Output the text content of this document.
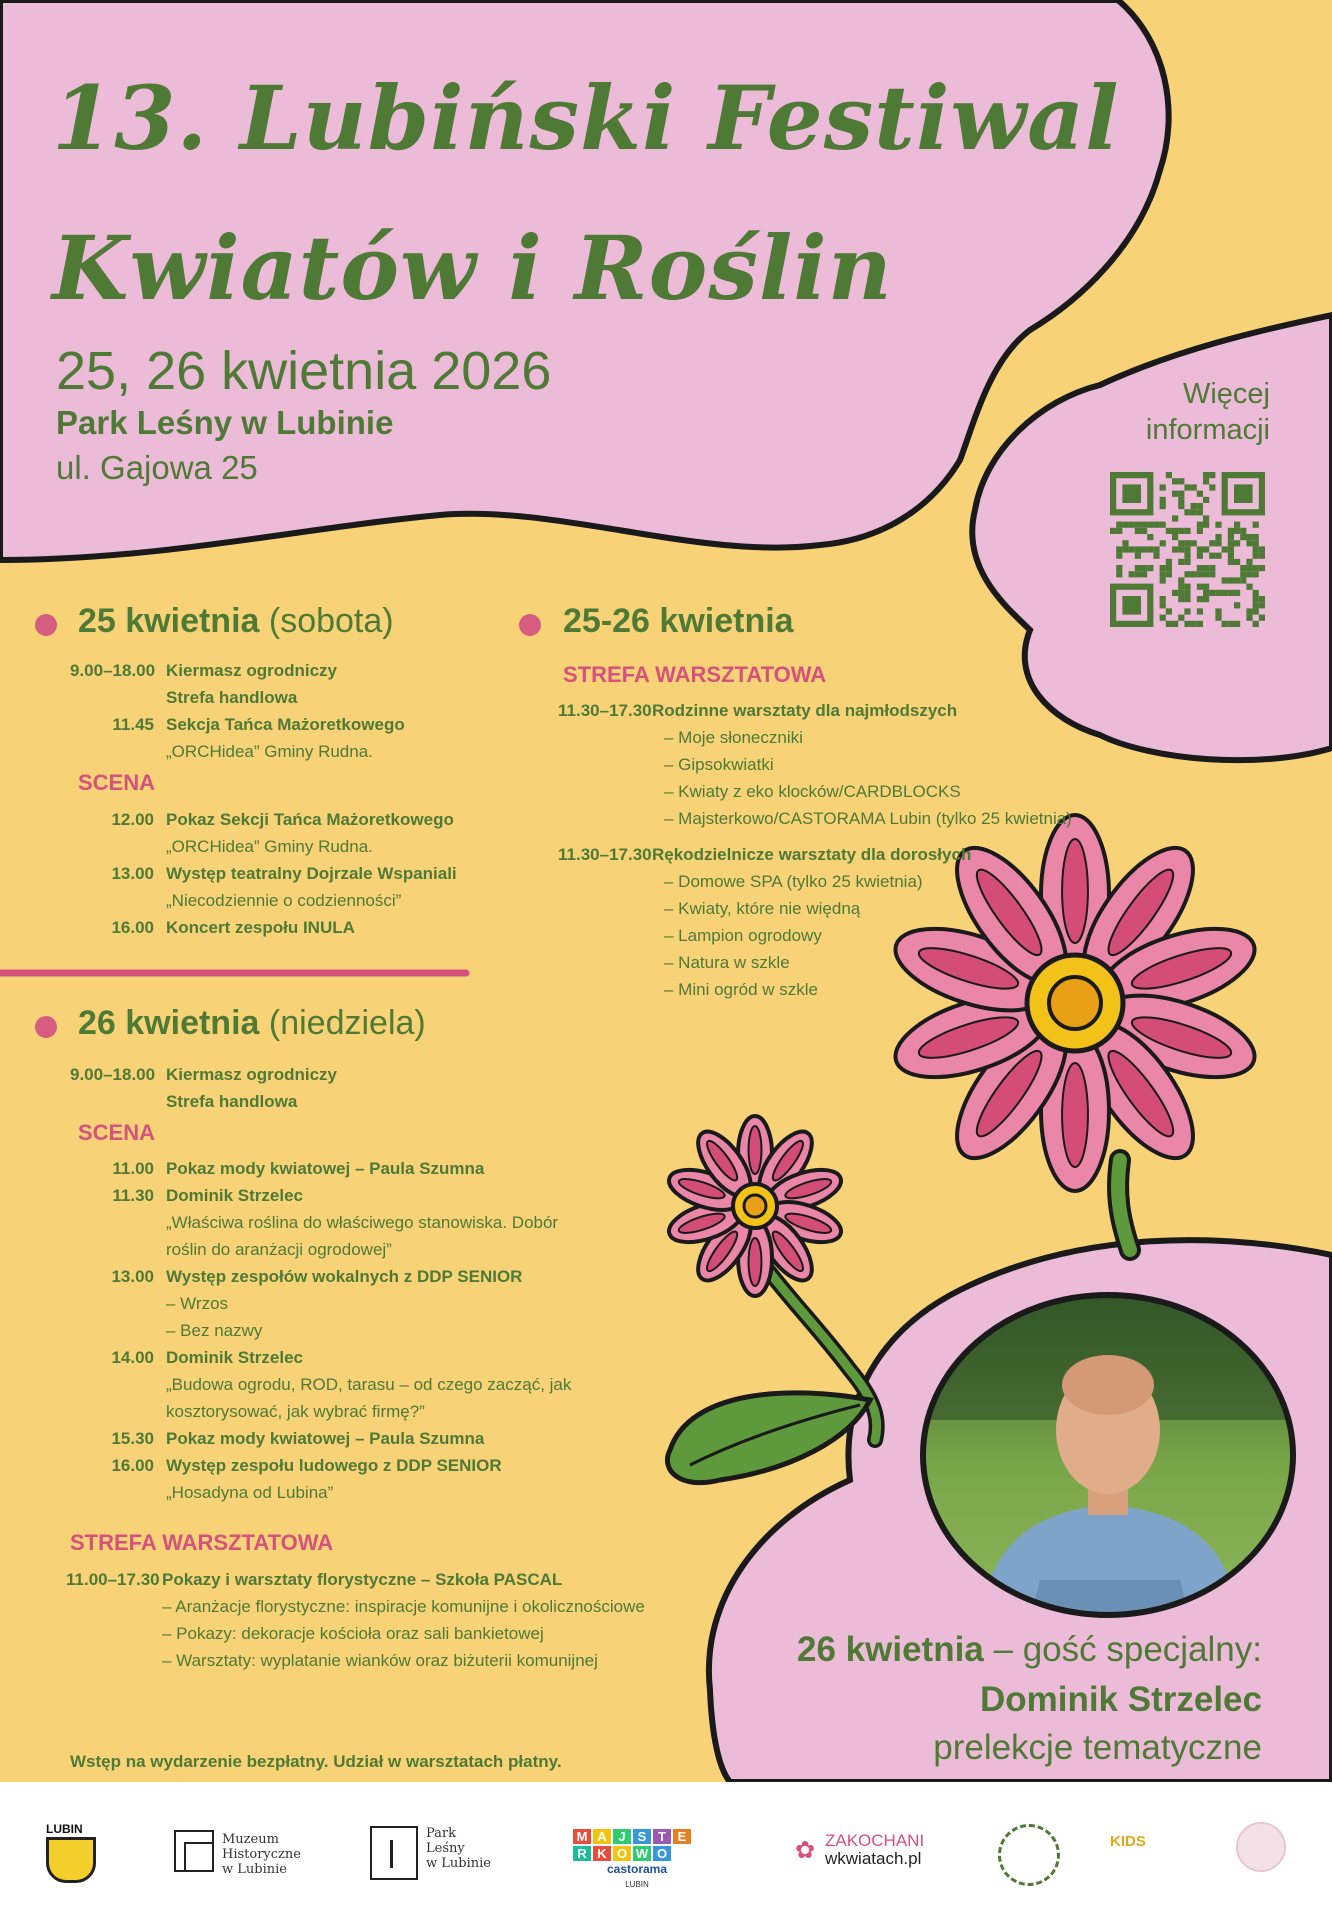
13. Lubiński Festiwal
Kwiatów i Roślin
25, 26 kwietnia 2026
Park Leśny w Lubinie
ul. Gajowa 25
Więcej
informacji
25 kwietnia (sobota)
9.00–18.00 Kiermasz ogrodniczy
Strefa handlowa
11.45 Sekcja Tańca Mażoretkowego
„ORCHidea” Gminy Rudna.
SCENA
12.00 Pokaz Sekcji Tańca Mażoretkowego
„ORCHidea” Gminy Rudna.
13.00 Występ teatralny Dojrzale Wspaniali
„Niecodziennie o codzienności”
16.00 Koncert zespołu INULA
26 kwietnia (niedziela)
9.00–18.00 Kiermasz ogrodniczy
Strefa handlowa
SCENA
11.00 Pokaz mody kwiatowej – Paula Szumna
11.30 Dominik Strzelec
„Właściwa roślina do właściwego stanowiska. Dobór
roślin do aranżacji ogrodowej”
13.00 Występ zespołów wokalnych z DDP SENIOR
– Wrzos
– Bez nazwy
14.00 Dominik Strzelec
„Budowa ogrodu, ROD, tarasu – od czego zacząć, jak
kosztorysować, jak wybrać firmę?”
15.30 Pokaz mody kwiatowej – Paula Szumna
16.00 Występ zespołu ludowego z DDP SENIOR
„Hosadyna od Lubina”
STREFA WARSZTATOWA
11.00–17.30 Pokazy i warsztaty florystyczne – Szkoła PASCAL
– Aranżacje florystyczne: inspiracje komunijne i okolicznościowe
– Pokazy: dekoracje kościoła oraz sali bankietowej
– Warsztaty: wyplatanie wianków oraz biżuterii komunijnej
25-26 kwietnia
STREFA WARSZTATOWA
11.30–17.30 Rodzinne warsztaty dla najmłodszych
– Moje słoneczniki
– Gipsokwiatki
– Kwiaty z eko klocków/CARDBLOCKS
– Majsterkowo/CASTORAMA Lubin (tylko 25 kwietnia)
11.30–17.30 Rękodzielnicze warsztaty dla dorosłych
– Domowe SPA (tylko 25 kwietnia)
– Kwiaty, które nie więdną
– Lampion ogrodowy
– Natura w szkle
– Mini ogród w szkle
26 kwietnia – gość specjalny:
Dominik Strzelec
prelekcje tematyczne
Wstęp na wydarzenie bezpłatny. Udział w warsztatach płatny.
LUBIN
Muzeum
Historyczne
w Lubinie
Park
Leśny
w Lubinie
M A J S T ER K O W O
castorama
LUBIN
✿ ZAKOCHANI
wkwiatach.pl
KIDS
